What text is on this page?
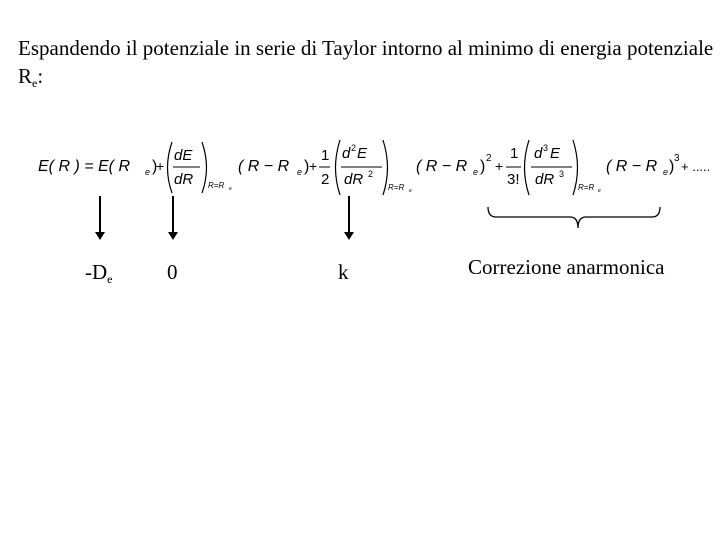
Espandendo il potenziale in serie di Taylor intorno al minimo di energia potenziale $R_e$:
E( R ) = E( R e )
+
dE
dR R=R e
( R − R e ) +
1
2
d 2 E
dR 2
R=R e
( R − R e ) 2 +
1
3!
d 3 E
dR 3
R=R e
( R − R e ) 3
+ .....
$-D_e$	0	k	Correzione anarmonica
